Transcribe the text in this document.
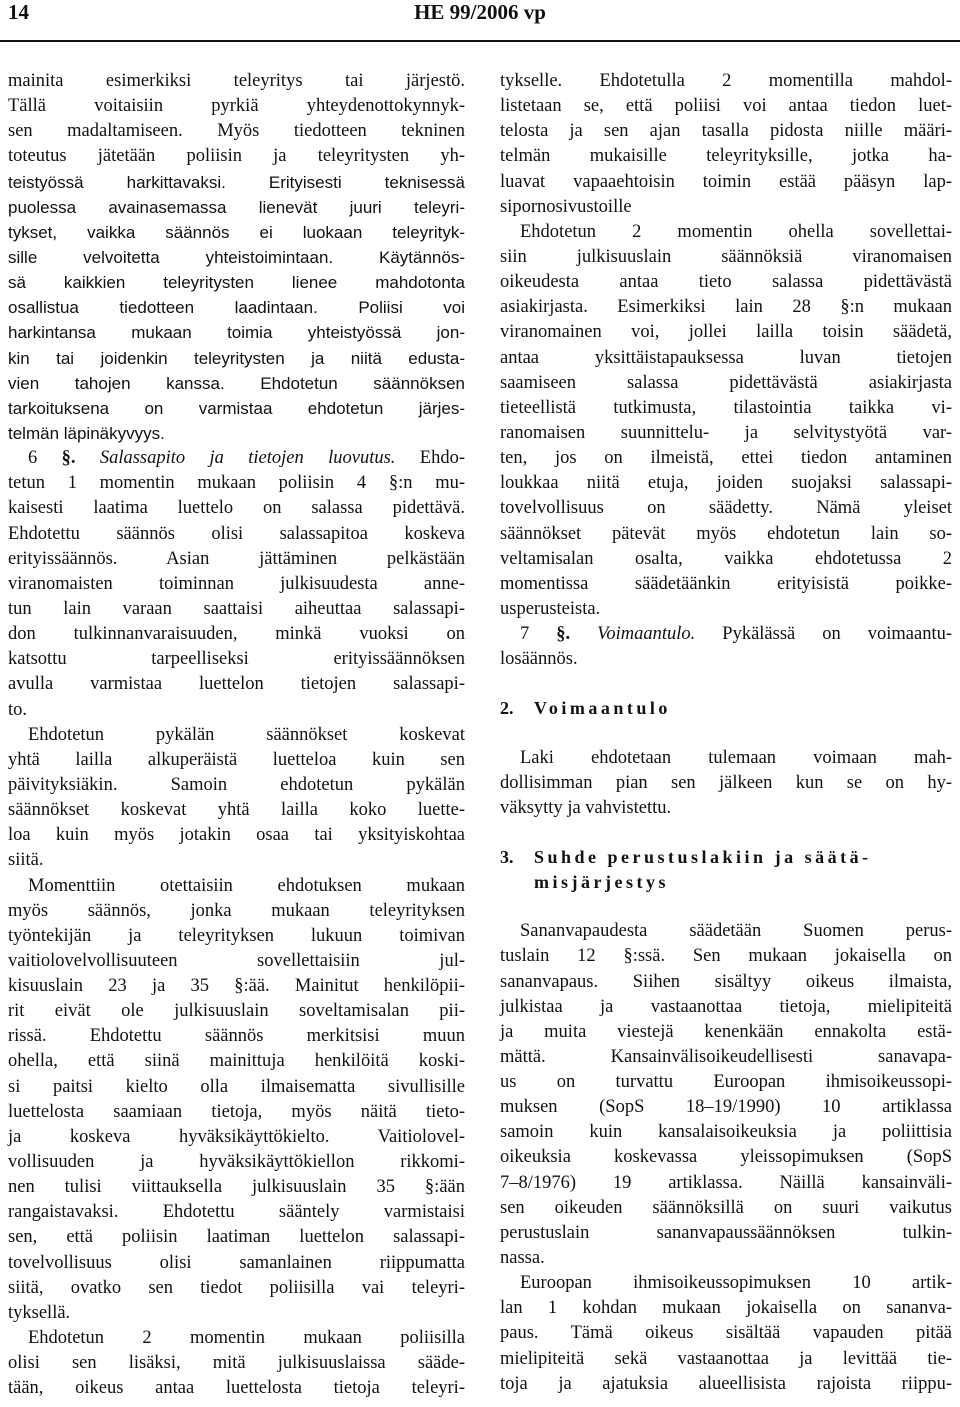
14	HE 99/2006 vp
mainita esimerkiksi teleyritys tai järjestö.
Tällä voitaisiin pyrkiä yhteydenottokynnyk-
sen madaltamiseen. Myös tiedotteen tekninen
toteutus jätetään poliisin ja teleyritysten yh-
teistyössä harkittavaksi. Erityisesti teknisessä
puolessa avainasemassa lienevät juuri teleyri-
tykset, vaikka säännös ei luokaan teleyrityk-
sille velvoitetta yhteistoimintaan. Käytännös-
sä kaikkien teleyritysten lienee mahdotonta
osallistua tiedotteen laadintaan. Poliisi voi
harkintansa mukaan toimia yhteistyössä jon-
kin tai joidenkin teleyritysten ja niitä edusta-
vien tahojen kanssa. Ehdotetun säännöksen
tarkoituksena on varmistaa ehdotetun järjes-
telmän läpinäkyvyys.
6 §. Salassapito ja tietojen luovutus. Ehdo-
tetun 1 momentin mukaan poliisin 4 §:n mu-
kaisesti laatima luettelo on salassa pidettävä.
Ehdotettu säännös olisi salassapitoa koskeva
erityissäännös. Asian jättäminen pelkästään
viranomaisten toiminnan julkisuudesta anne-
tun lain varaan saattaisi aiheuttaa salassapi-
don tulkinnanvaraisuuden, minkä vuoksi on
katsottu tarpeelliseksi erityissäännöksen
avulla varmistaa luettelon tietojen salassapi-
to.
Ehdotetun pykälän säännökset koskevat
yhtä lailla alkuperäistä luetteloa kuin sen
päivityksiäkin. Samoin ehdotetun pykälän
säännökset koskevat yhtä lailla koko luette-
loa kuin myös jotakin osaa tai yksityiskohtaa
siitä.
Momenttiin otettaisiin ehdotuksen mukaan
myös säännös, jonka mukaan teleyrityksen
työntekijän ja teleyrityksen lukuun toimivan
vaitiolovelvollisuuteen sovellettaisiin jul-
kisuuslain 23 ja 35 §:ää. Mainitut henkilöpii-
rit eivät ole julkisuuslain soveltamisalan pii-
rissä. Ehdotettu säännös merkitsisi muun
ohella, että siinä mainittuja henkilöitä koski-
si paitsi kielto olla ilmaisematta sivullisille
luettelosta saamiaan tietoja, myös näitä tieto-
ja koskeva hyväksikäyttökielto. Vaitiolovel-
vollisuuden ja hyväksikäyttökiellon rikkomi-
nen tulisi viittauksella julkisuuslain 35 §:ään
rangaistavaksi. Ehdotettu sääntely varmistaisi
sen, että poliisin laatiman luettelon salassapi-
tovelvollisuus olisi samanlainen riippumatta
siitä, ovatko sen tiedot poliisilla vai teleyri-
tyksellä.
Ehdotetun 2 momentin mukaan poliisilla
olisi sen lisäksi, mitä julkisuuslaissa sääde-
tään, oikeus antaa luettelosta tietoja teleyri-
tykselle. Ehdotetulla 2 momentilla mahdol-
listetaan se, että poliisi voi antaa tiedon luet-
telosta ja sen ajan tasalla pidosta niille määri-
telmän mukaisille teleyrityksille, jotka ha-
luavat vapaaehtoisin toimin estää pääsyn lap-
sipornosivustoille
Ehdotetun 2 momentin ohella sovellettai-
siin julkisuuslain säännöksiä viranomaisen
oikeudesta antaa tieto salassa pidettävästä
asiakirjasta. Esimerkiksi lain 28 §:n mukaan
viranomainen voi, jollei lailla toisin säädetä,
antaa yksittäistapauksessa luvan tietojen
saamiseen salassa pidettävästä asiakirjasta
tieteellistä tutkimusta, tilastointia taikka vi-
ranomaisen suunnittelu- ja selvitystyötä var-
ten, jos on ilmeistä, ettei tiedon antaminen
loukkaa niitä etuja, joiden suojaksi salassapi-
tovelvollisuus on säädetty. Nämä yleiset
säännökset pätevät myös ehdotetun lain so-
veltamisalan osalta, vaikka ehdotetussa 2
momentissa säädetäänkin erityisistä poikke-
usperusteista.
7 §. Voimaantulo. Pykälässä on voimaantu-
losäännös.
2. Voimaantulo
Laki ehdotetaan tulemaan voimaan mah-
dollisimman pian sen jälkeen kun se on hy-
väksytty ja vahvistettu.
3. Suhde perustuslakiin ja säätä-
misjärjestys
Sananvapaudesta säädetään Suomen perus-
tuslain 12 §:ssä. Sen mukaan jokaisella on
sananvapaus. Siihen sisältyy oikeus ilmaista,
julkistaa ja vastaanottaa tietoja, mielipiteitä
ja muita viestejä kenenkään ennakolta estä-
mättä. Kansainvälisoikeudellisesti sanavapa-
us on turvattu Euroopan ihmisoikeussopi-
muksen (SopS 18–19/1990) 10 artiklassa
samoin kuin kansalaisoikeuksia ja poliittisia
oikeuksia koskevassa yleissopimuksen (SopS
7–8/1976) 19 artiklassa. Näillä kansainväli-
sen oikeuden säännöksillä on suuri vaikutus
perustuslain sananvapaussäännöksen tulkin-
nassa.
Euroopan ihmisoikeussopimuksen 10 artik-
lan 1 kohdan mukaan jokaisella on sananva-
paus. Tämä oikeus sisältää vapauden pitää
mielipiteitä sekä vastaanottaa ja levittää tie-
toja ja ajatuksia alueellisista rajoista riippu-
